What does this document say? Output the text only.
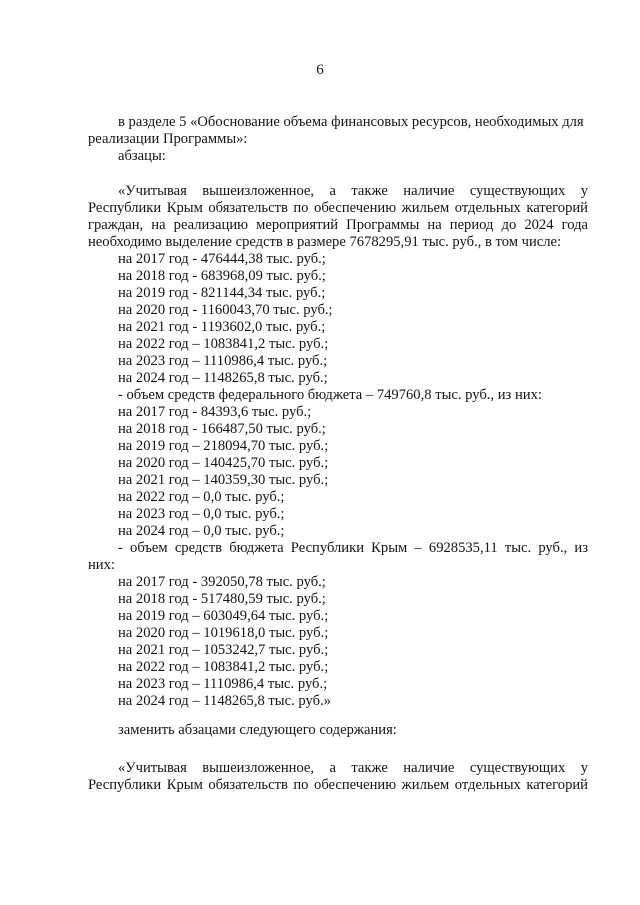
6
в разделе 5 «Обоснование объема финансовых ресурсов, необходимых для
реализации Программы»:
абзацы:
«Учитывая вышеизложенное, а также наличие существующих у
Республики Крым обязательств по обеспечению жильем отдельных категорий
граждан, на реализацию мероприятий Программы на период до 2024 года
необходимо выделение средств в размере 7678295,91 тыс. руб., в том числе:
на 2017 год - 476444,38 тыс. руб.;
на 2018 год - 683968,09 тыс. руб.;
на 2019 год - 821144,34 тыс. руб.;
на 2020 год - 1160043,70 тыс. руб.;
на 2021 год - 1193602,0 тыс. руб.;
на 2022 год – 1083841,2 тыс. руб.;
на 2023 год – 1110986,4 тыс. руб.;
на 2024 год – 1148265,8 тыс. руб.;
- объем средств федерального бюджета – 749760,8 тыс. руб., из них:
на 2017 год - 84393,6 тыс. руб.;
на 2018 год - 166487,50 тыс. руб.;
на 2019 год – 218094,70 тыс. руб.;
на 2020 год – 140425,70 тыс. руб.;
на 2021 год – 140359,30 тыс. руб.;
на 2022 год – 0,0 тыс. руб.;
на 2023 год – 0,0 тыс. руб.;
на 2024 год – 0,0 тыс. руб.;
- объем средств бюджета Республики Крым – 6928535,11 тыс. руб., из
них:
на 2017 год - 392050,78 тыс. руб.;
на 2018 год - 517480,59 тыс. руб.;
на 2019 год – 603049,64 тыс. руб.;
на 2020 год – 1019618,0 тыс. руб.;
на 2021 год – 1053242,7 тыс. руб.;
на 2022 год – 1083841,2 тыс. руб.;
на 2023 год – 1110986,4 тыс. руб.;
на 2024 год – 1148265,8 тыс. руб.»
заменить абзацами следующего содержания:
«Учитывая вышеизложенное, а также наличие существующих у
Республики Крым обязательств по обеспечению жильем отдельных категорий
